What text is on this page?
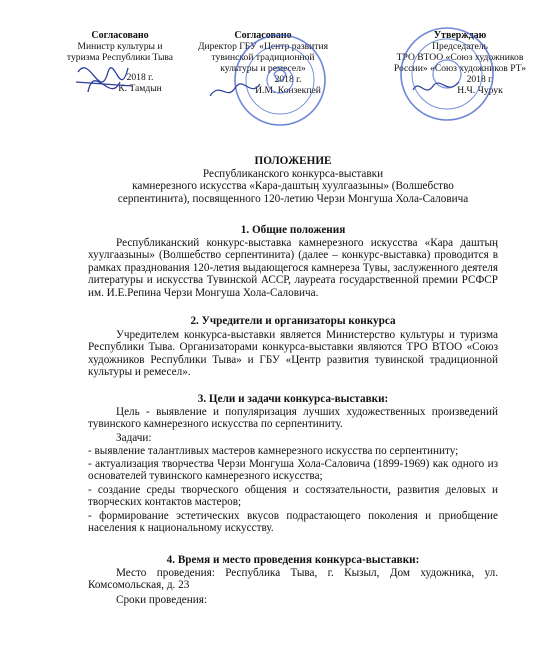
Согласовано
Министр культуры и
туризма Республики Тыва
2018 г.
К. Тамдын
Согласовано
Директор ГБУ «Центр развития
тувинской традиционной
культуры и ремесел»
2018 г.
И.М. Конзекпей
Утверждаю
Председатель
ТРО ВТОО «Союз художников
России» «Союз художников РТ»
2018 г.
Н.Ч. Чурук
ПОЛОЖЕНИЕ
Республиканского конкурса-выставки
камнерезного искусства «Кара-даштыӊ хуулгаазыны» (Волшебство
серпентинита), посвященного 120-летию Черзи Монгуша Хола-Саловича
1. Общие положения

Республиканский конкурс-выставка камнерезного искусства «Кара даштыӊ хуулгаазыны» (Волшебство серпентинита) (далее – конкурс-выставка) проводится в рамках празднования 120-летия выдающегося камнереза Тувы, заслуженного деятеля литературы и искусства Тувинской АССР, лауреата государственной премии РСФСР им. И.Е.Репина Черзи Монгуша Хола-Саловича.

2. Учредители и организаторы конкурса

Учредителем конкурса-выставки является Министерство культуры и туризма Республики Тыва. Организаторами конкурса-выставки являются ТРО ВТОО «Союз художников Республики Тыва» и ГБУ «Центр развития тувинской традиционной культуры и ремесел».

3. Цели и задачи конкурса-выставки:

Цель - выявление и популяризация лучших художественных произведений тувинского камнерезного искусства по серпентиниту.

Задачи:

- выявление талантливых мастеров камнерезного искусства по серпентиниту;

- актуализация творчества Черзи Монгуша Хола-Саловича (1899-1969) как одного из основателей тувинского камнерезного искусства;

- создание среды творческого общения и состязательности, развития деловых и творческих контактов мастеров;

- формирование эстетических вкусов подрастающего поколения и приобщение населения к национальному искусству.

4. Время и место проведения конкурса-выставки:

Место проведения: Республика Тыва, г. Кызыл, Дом художника, ул. Комсомольская, д. 23

Сроки проведения:
